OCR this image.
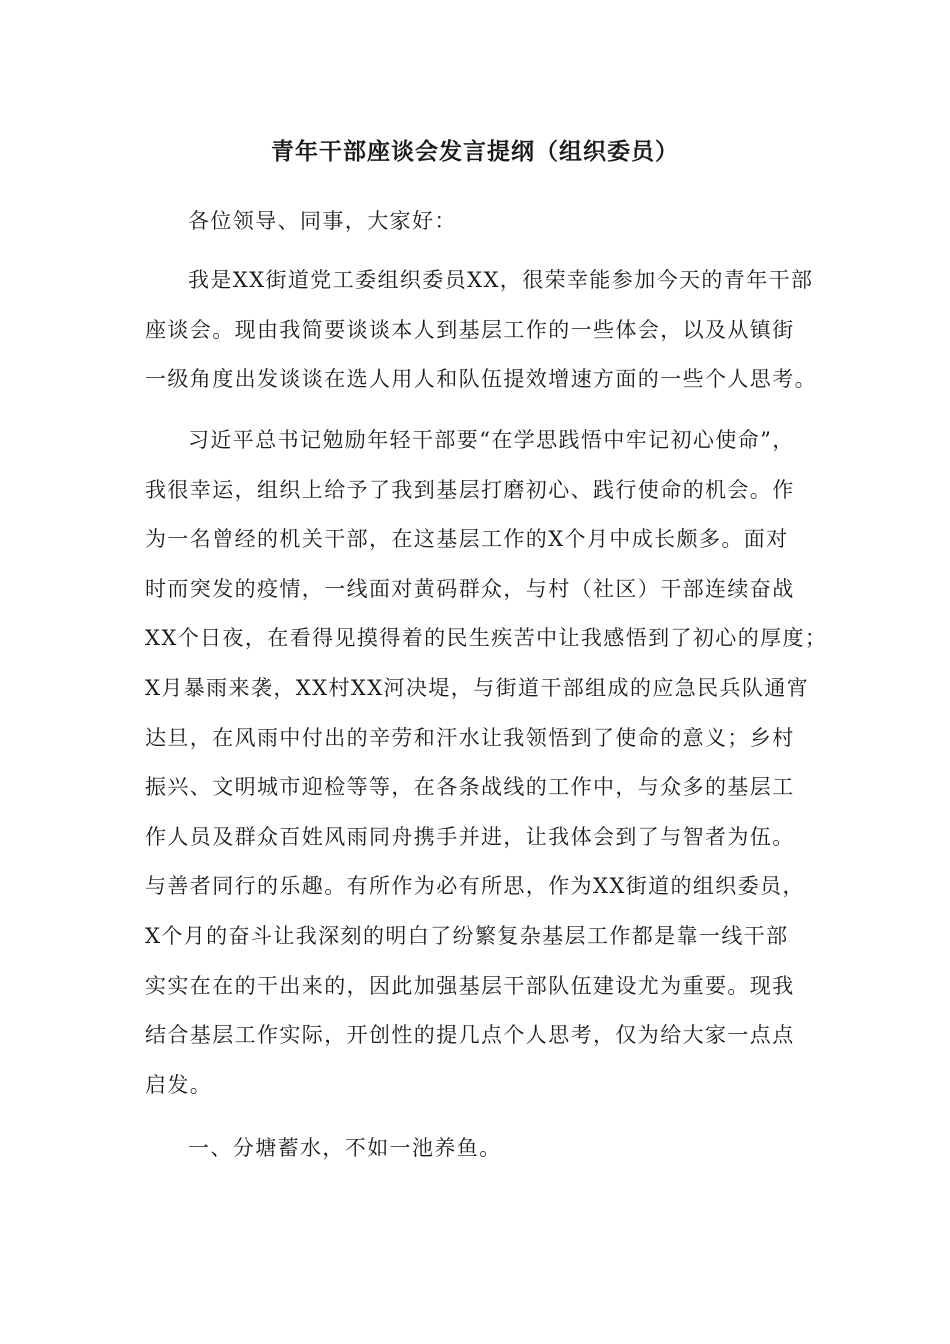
青年干部座谈会发言提纲（组织委员）

各位领导、同事，大家好：

我是XX街道党工委组织委员XX，很荣幸能参加今天的青年干部
座谈会。现由我简要谈谈本人到基层工作的一些体会，以及从镇街
一级角度出发谈谈在选人用人和队伍提效增速方面的一些个人思考。

习近平总书记勉励年轻干部要“在学思践悟中牢记初心使命”，
我很幸运，组织上给予了我到基层打磨初心、践行使命的机会。作
为一名曾经的机关干部，在这基层工作的X个月中成长颇多。面对
时而突发的疫情，一线面对黄码群众，与村（社区）干部连续奋战
XX个日夜，在看得见摸得着的民生疾苦中让我感悟到了初心的厚度；
X月暴雨来袭，XX村XX河决堤，与街道干部组成的应急民兵队通宵
达旦，在风雨中付出的辛劳和汗水让我领悟到了使命的意义；乡村
振兴、文明城市迎检等等，在各条战线的工作中，与众多的基层工
作人员及群众百姓风雨同舟携手并进，让我体会到了与智者为伍。
与善者同行的乐趣。有所作为必有所思，作为XX街道的组织委员，
X个月的奋斗让我深刻的明白了纷繁复杂基层工作都是靠一线干部
实实在在的干出来的，因此加强基层干部队伍建设尤为重要。现我
结合基层工作实际，开创性的提几点个人思考，仅为给大家一点点
启发。

一、分塘蓄水，不如一池养鱼。
